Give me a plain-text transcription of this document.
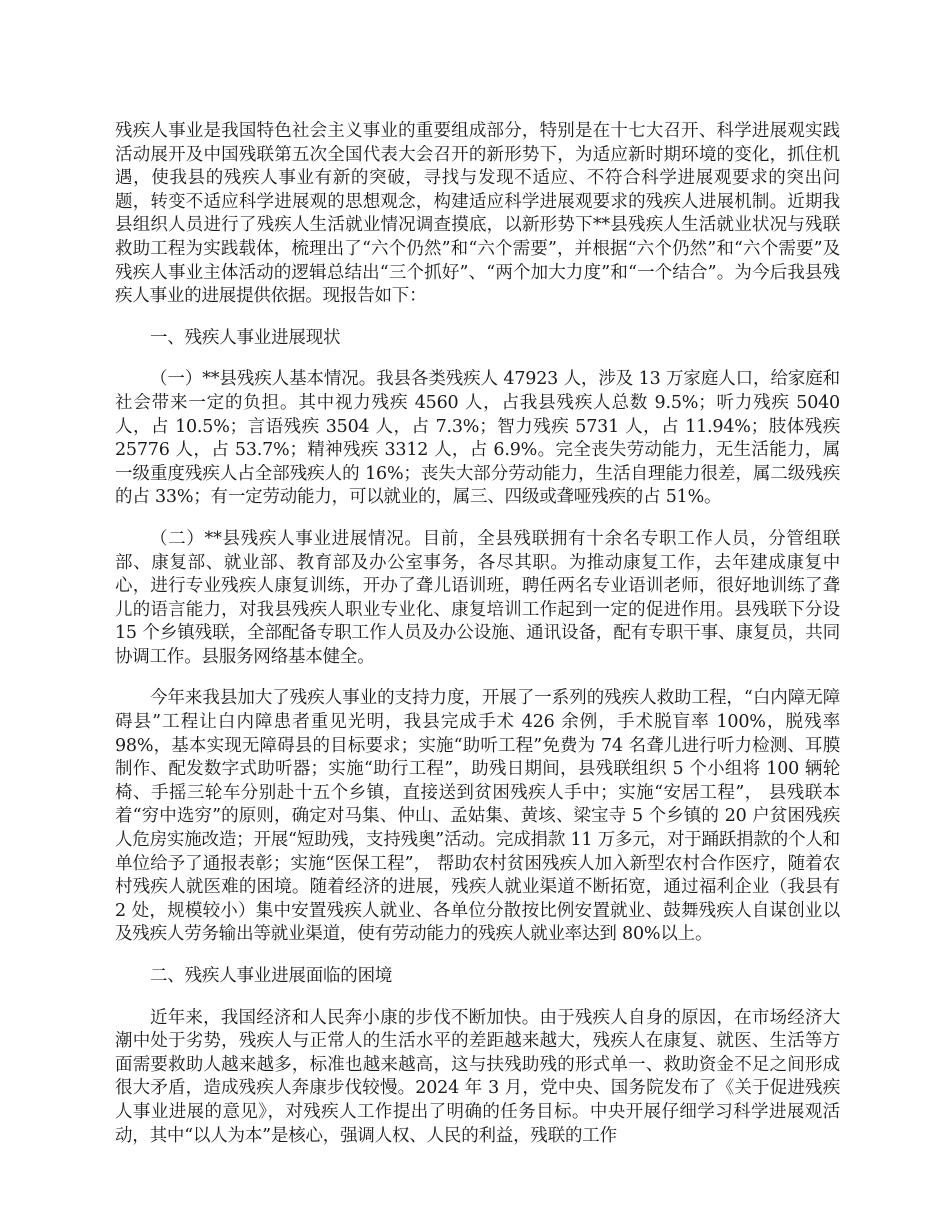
残疾人事业是我国特色社会主义事业的重要组成部分，特别是在十七大召开、科学进展观实践活动展开及中国残联第五次全国代表大会召开的新形势下，为适应新时期环境的变化，抓住机遇，使我县的残疾人事业有新的突破，寻找与发现不适应、不符合科学进展观要求的突出问题，转变不适应科学进展观的思想观念，构建适应科学进展观要求的残疾人进展机制。近期我县组织人员进行了残疾人生活就业情况调查摸底，以新形势下**县残疾人生活就业状况与残联救助工程为实践载体，梳理出了“六个仍然”和“六个需要”，并根据“六个仍然”和“六个需要”及残疾人事业主体活动的逻辑总结出“三个抓好”、“两个加大力度”和“一个结合”。为今后我县残疾人事业的进展提供依据。现报告如下：

一、残疾人事业进展现状

（一）**县残疾人基本情况。我县各类残疾人 47923 人，涉及 13 万家庭人口，给家庭和社会带来一定的负担。其中视力残疾 4560 人，占我县残疾人总数 9.5%；听力残疾 5040 人，占 10.5%；言语残疾 3504 人，占 7.3%；智力残疾 5731 人，占 11.94%；肢体残疾 25776 人，占 53.7%；精神残疾 3312 人，占 6.9%。完全丧失劳动能力，无生活能力，属一级重度残疾人占全部残疾人的 16%；丧失大部分劳动能力，生活自理能力很差，属二级残疾的占 33%；有一定劳动能力，可以就业的，属三、四级或聋哑残疾的占 51%。

（二）**县残疾人事业进展情况。目前，全县残联拥有十余名专职工作人员，分管组联部、康复部、就业部、教育部及办公室事务，各尽其职。为推动康复工作，去年建成康复中心，进行专业残疾人康复训练，开办了聋儿语训班，聘任两名专业语训老师，很好地训练了聋儿的语言能力，对我县残疾人职业专业化、康复培训工作起到一定的促进作用。县残联下分设 15 个乡镇残联，全部配备专职工作人员及办公设施、通讯设备，配有专职干事、康复员，共同协调工作。县服务网络基本健全。

今年来我县加大了残疾人事业的支持力度，开展了一系列的残疾人救助工程，“白内障无障碍县”工程让白内障患者重见光明，我县完成手术 426 余例，手术脱盲率 100%，脱残率 98%，基本实现无障碍县的目标要求；实施“助听工程”免费为 74 名聋儿进行听力检测、耳膜制作、配发数字式助听器；实施“助行工程”，助残日期间，县残联组织 5 个小组将 100 辆轮椅、手摇三轮车分别赴十五个乡镇，直接送到贫困残疾人手中；实施“安居工程”， 县残联本着“穷中选穷”的原则，确定对马集、仲山、孟姑集、黄垓、梁宝寺 5 个乡镇的 20 户贫困残疾人危房实施改造；开展“短助残，支持残奥”活动。完成捐款 11 万多元，对于踊跃捐款的个人和单位给予了通报表彰；实施“医保工程”， 帮助农村贫困残疾人加入新型农村合作医疗，随着农村残疾人就医难的困境。随着经济的进展，残疾人就业渠道不断拓宽，通过福利企业（我县有 2 处，规模较小）集中安置残疾人就业、各单位分散按比例安置就业、鼓舞残疾人自谋创业以及残疾人劳务输出等就业渠道，使有劳动能力的残疾人就业率达到 80%以上。

二、残疾人事业进展面临的困境

近年来，我国经济和人民奔小康的步伐不断加快。由于残疾人自身的原因，在市场经济大潮中处于劣势，残疾人与正常人的生活水平的差距越来越大，残疾人在康复、就医、生活等方面需要救助人越来越多，标准也越来越高，这与扶残助残的形式单一、救助资金不足之间形成很大矛盾，造成残疾人奔康步伐较慢。2024 年 3 月，党中央、国务院发布了《关于促进残疾人事业进展的意见》，对残疾人工作提出了明确的任务目标。中央开展仔细学习科学进展观活动，其中“以人为本”是核心，强调人权、人民的利益，残联的工作
